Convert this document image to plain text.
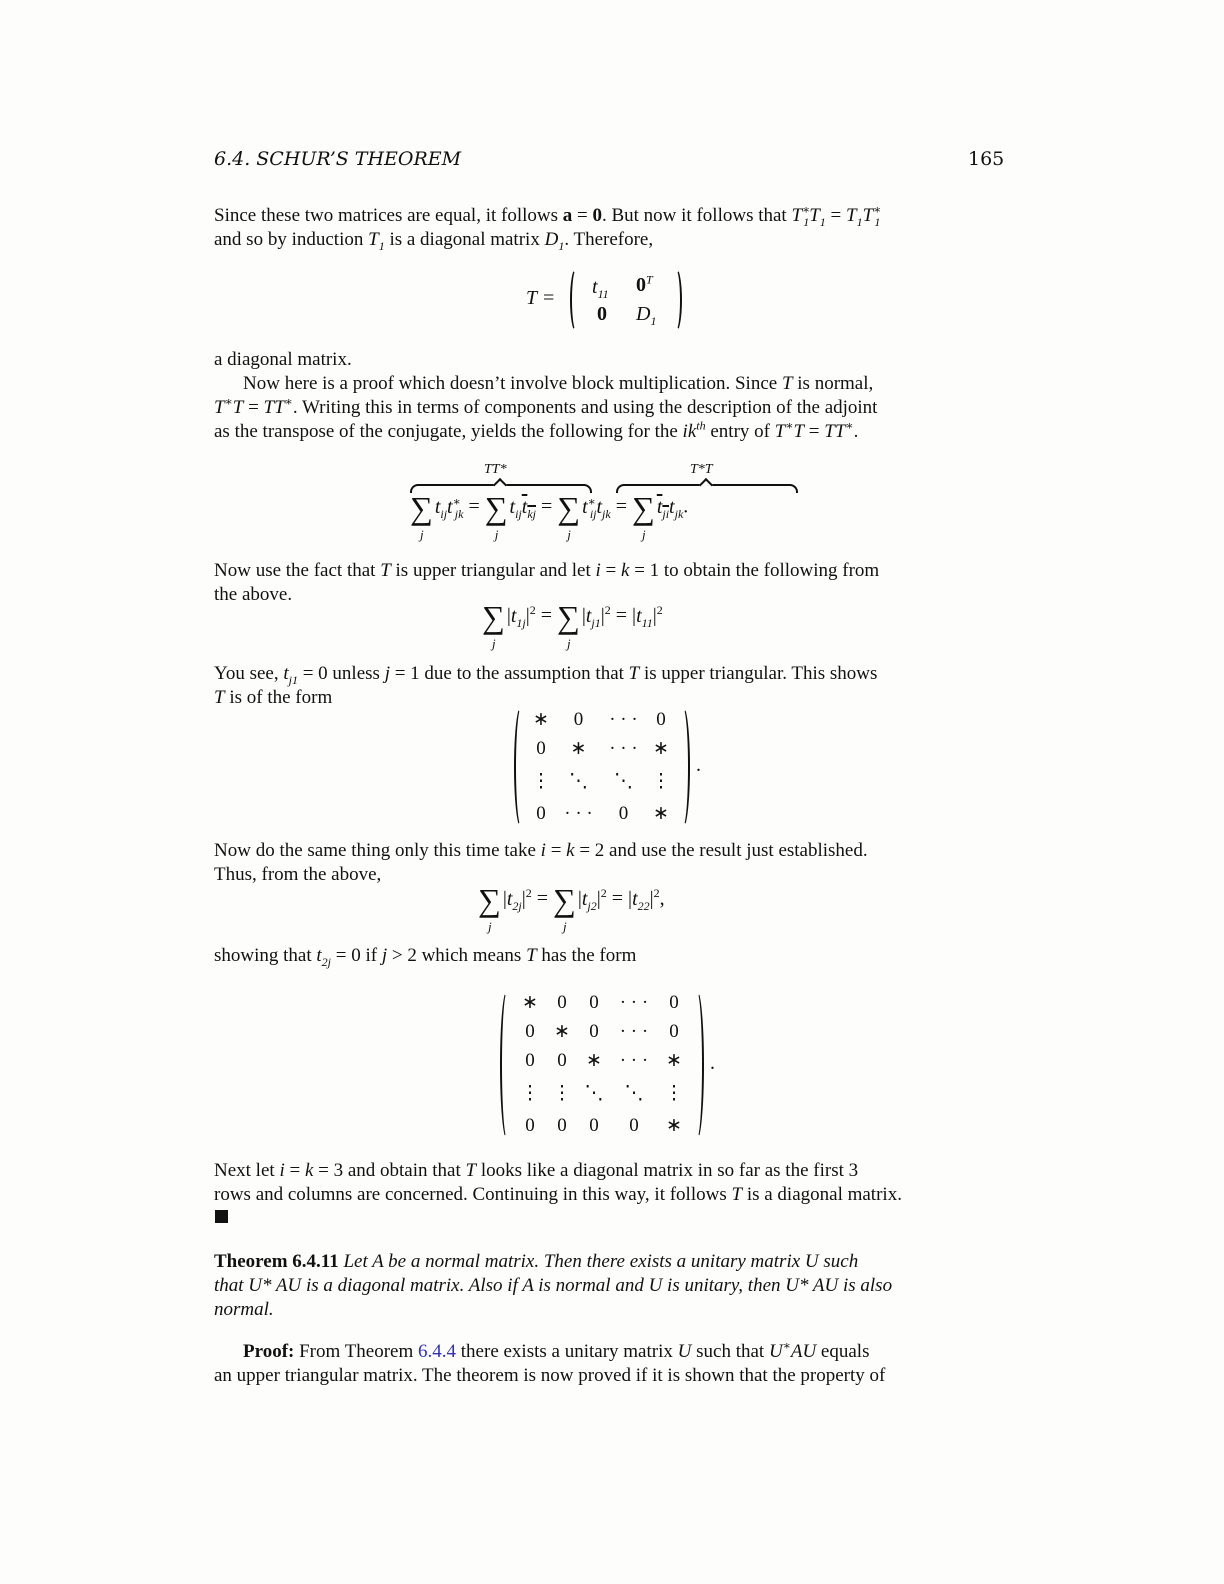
6.4. SCHUR’S THEOREM	165
Since these two matrices are equal, it follows a = 0. But now it follows that $T^∗_1T_1 = T_1T^∗_1$
and so by induction $T_1$ is a diagonal matrix $D_1$. Therefore,
$T = t_{11}$ $0^T$
0 $D_1$
a diagonal matrix.
Now here is a proof which doesn’t involve block multiplication. Since T is normal,
T∗T = TT∗. Writing this in terms of components and using the description of the adjoint
as the transpose of the conjugate, yields the following for the $ik^{th}$ entry of T∗T = TT∗.
TT*	T*T
∑
j
$t_{ij}t^∗_{jk}$ = ∑
j
$t_{ij}t_{kj}$ = ∑
j
$t^∗_{ij}t_{jk}$ = ∑
j
$t_{ji}t_{jk}$.
Now use the fact that T is upper triangular and let i = k = 1 to obtain the following from
the above.
∑
j
$|t_{1j}|^2$ = ∑
j
$|t_{j1}|^2 = |t_{11}|^2$
You see, $t_{j1} = 0$ unless j = 1 due to the assumption that T is upper triangular. This shows
T is of the form
∗	0	· · ·	0
0	∗	· · ·	∗
⋮	⋱	⋱	⋮
0	· · ·	0	∗
.
Now do the same thing only this time take i = k = 2 and use the result just established.
Thus, from the above,
∑
j
$|t_{2j}|^2$ = ∑
j
$|t_{j2}|^2 = |t_{22}|^2$,
showing that $t_{2j} = 0$ if j > 2 which means T has the form
∗	0	0	· · ·	0
0	∗	0	· · ·	0
0	0	∗	· · ·	∗
⋮	⋮	⋱	⋱	⋮
0	0	0	0	∗
.
Next let i = k = 3 and obtain that T looks like a diagonal matrix in so far as the first 3
rows and columns are concerned. Continuing in this way, it follows T is a diagonal matrix.
Theorem 6.4.11 Let A be a normal matrix. Then there exists a unitary matrix U such
that U* AU is a diagonal matrix. Also if A is normal and U is unitary, then U* AU is also
normal.
Proof: From Theorem 6.4.4 there exists a unitary matrix U such that U∗AU equals
an upper triangular matrix. The theorem is now proved if it is shown that the property of
